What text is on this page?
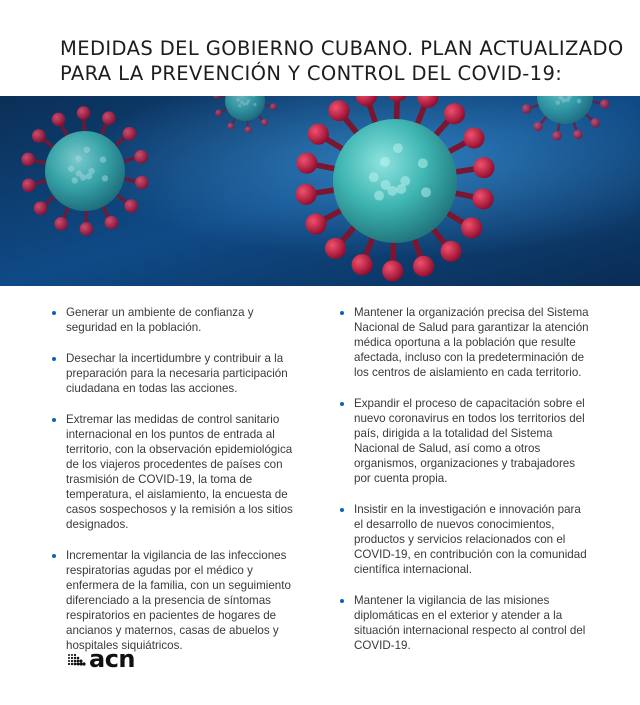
MEDIDAS DEL GOBIERNO CUBANO. PLAN ACTUALIZADO
PARA LA PREVENCIÓN Y CONTROL DEL COVID-19:
Generar un ambiente de confianza y seguridad en la población.
Desechar la incertidumbre y contribuir a la preparación para la necesaria participación ciudadana en todas las acciones.
Extremar las medidas de control sanitario internacional en los puntos de entrada al territorio, con la observación epidemiológica de los viajeros procedentes de países con trasmisión de COVID-19, la toma de temperatura, el aislamiento, la encuesta de casos sospechosos y la remisión a los sitios designados.
Incrementar la vigilancia de las infecciones respiratorias agudas por el médico y enfermera de la familia, con un seguimiento diferenciado a la presencia de síntomas respiratorios en pacientes de hogares de ancianos y maternos, casas de abuelos y hospitales siquiátricos.
Mantener la organización precisa del Sistema Nacional de Salud para garantizar la atención médica oportuna a la población que resulte afectada, incluso con la predeterminación de los centros de aislamiento en cada territorio.
Expandir el proceso de capacitación sobre el nuevo coronavirus en todos los territorios del país, dirigida a la totalidad del Sistema Nacional de Salud, así como a otros organismos, organizaciones y trabajadores por cuenta propia.
Insistir en la investigación e innovación para el desarrollo de nuevos conocimientos, productos y servicios relacionados con el COVID-19, en contribución con la comunidad científica internacional.
Mantener la vigilancia de las misiones diplomáticas en el exterior y atender a la situación internacional respecto al control del COVID-19.
acn
